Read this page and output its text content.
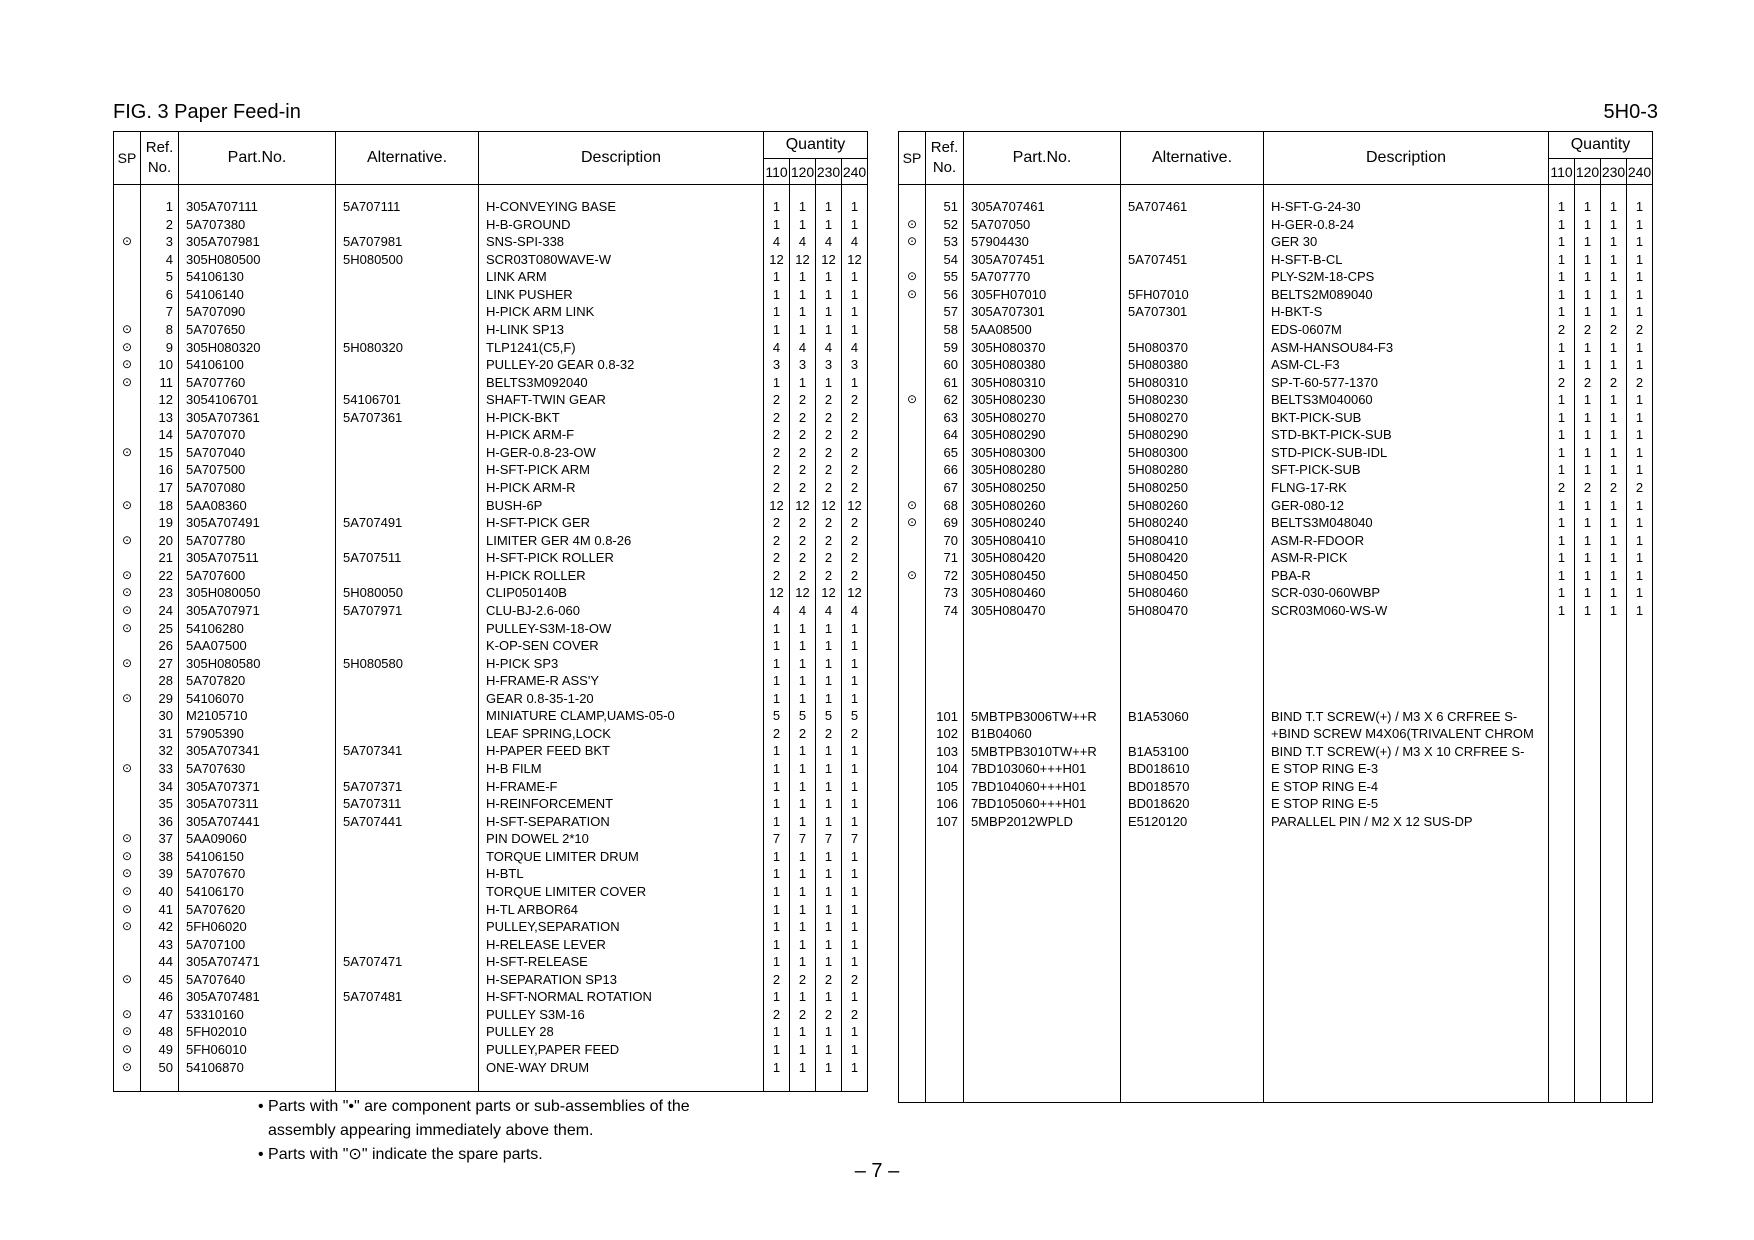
FIG. 3 Paper Feed-in	5H0-3
SP	Ref. No.	Part.No.	Alternative.	Description	Quantity			
					110	120	230	240

	1	305A707111	5A707111	H-CONVEYING BASE	1	1	1	1
	2	5A707380		H-B-GROUND	1	1	1	1
⊙	3	305A707981	5A707981	SNS-SPI-338	4	4	4	4
	4	305H080500	5H080500	SCR03T080WAVE-W	12	12	12	12
	5	54106130		LINK ARM	1	1	1	1
	6	54106140		LINK PUSHER	1	1	1	1
	7	5A707090		H-PICK ARM LINK	1	1	1	1
⊙	8	5A707650		H-LINK SP13	1	1	1	1
⊙	9	305H080320	5H080320	TLP1241(C5,F)	4	4	4	4
⊙	10	54106100		PULLEY-20 GEAR 0.8-32	3	3	3	3
⊙	11	5A707760		BELTS3M092040	1	1	1	1
	12	3054106701	54106701	SHAFT-TWIN GEAR	2	2	2	2
	13	305A707361	5A707361	H-PICK-BKT	2	2	2	2
	14	5A707070		H-PICK ARM-F	2	2	2	2
⊙	15	5A707040		H-GER-0.8-23-OW	2	2	2	2
	16	5A707500		H-SFT-PICK ARM	2	2	2	2
	17	5A707080		H-PICK ARM-R	2	2	2	2
⊙	18	5AA08360		BUSH-6P	12	12	12	12
	19	305A707491	5A707491	H-SFT-PICK GER	2	2	2	2
⊙	20	5A707780		LIMITER GER 4M 0.8-26	2	2	2	2
	21	305A707511	5A707511	H-SFT-PICK ROLLER	2	2	2	2
⊙	22	5A707600		H-PICK ROLLER	2	2	2	2
⊙	23	305H080050	5H080050	CLIP050140B	12	12	12	12
⊙	24	305A707971	5A707971	CLU-BJ-2.6-060	4	4	4	4
⊙	25	54106280		PULLEY-S3M-18-OW	1	1	1	1
	26	5AA07500		K-OP-SEN COVER	1	1	1	1
⊙	27	305H080580	5H080580	H-PICK SP3	1	1	1	1
	28	5A707820		H-FRAME-R ASS'Y	1	1	1	1
⊙	29	54106070		GEAR 0.8-35-1-20	1	1	1	1
	30	M2105710		MINIATURE CLAMP,UAMS-05-0	5	5	5	5
	31	57905390		LEAF SPRING,LOCK	2	2	2	2
	32	305A707341	5A707341	H-PAPER FEED BKT	1	1	1	1
⊙	33	5A707630		H-B FILM	1	1	1	1
	34	305A707371	5A707371	H-FRAME-F	1	1	1	1
	35	305A707311	5A707311	H-REINFORCEMENT	1	1	1	1
	36	305A707441	5A707441	H-SFT-SEPARATION	1	1	1	1
⊙	37	5AA09060		PIN DOWEL 2*10	7	7	7	7
⊙	38	54106150		TORQUE LIMITER DRUM	1	1	1	1
⊙	39	5A707670		H-BTL	1	1	1	1
⊙	40	54106170		TORQUE LIMITER COVER	1	1	1	1
⊙	41	5A707620		H-TL ARBOR64	1	1	1	1
⊙	42	5FH06020		PULLEY,SEPARATION	1	1	1	1
	43	5A707100		H-RELEASE LEVER	1	1	1	1
	44	305A707471	5A707471	H-SFT-RELEASE	1	1	1	1
⊙	45	5A707640		H-SEPARATION SP13	2	2	2	2
	46	305A707481	5A707481	H-SFT-NORMAL ROTATION	1	1	1	1
⊙	47	53310160		PULLEY S3M-16	2	2	2	2
⊙	48	5FH02010		PULLEY 28	1	1	1	1
⊙	49	5FH06010		PULLEY,PAPER FEED	1	1	1	1
⊙	50	54106870		ONE-WAY DRUM	1	1	1	1

SP	Ref. No.	Part.No.	Alternative.	Description	Quantity			
					110	120	230	240

	51	305A707461	5A707461	H-SFT-G-24-30	1	1	1	1
⊙	52	5A707050		H-GER-0.8-24	1	1	1	1
⊙	53	57904430		GER 30	1	1	1	1
	54	305A707451	5A707451	H-SFT-B-CL	1	1	1	1
⊙	55	5A707770		PLY-S2M-18-CPS	1	1	1	1
⊙	56	305FH07010	5FH07010	BELTS2M089040	1	1	1	1
	57	305A707301	5A707301	H-BKT-S	1	1	1	1
	58	5AA08500		EDS-0607M	2	2	2	2
	59	305H080370	5H080370	ASM-HANSOU84-F3	1	1	1	1
	60	305H080380	5H080380	ASM-CL-F3	1	1	1	1
	61	305H080310	5H080310	SP-T-60-577-1370	2	2	2	2
⊙	62	305H080230	5H080230	BELTS3M040060	1	1	1	1
	63	305H080270	5H080270	BKT-PICK-SUB	1	1	1	1
	64	305H080290	5H080290	STD-BKT-PICK-SUB	1	1	1	1
	65	305H080300	5H080300	STD-PICK-SUB-IDL	1	1	1	1
	66	305H080280	5H080280	SFT-PICK-SUB	1	1	1	1
	67	305H080250	5H080250	FLNG-17-RK	2	2	2	2
⊙	68	305H080260	5H080260	GER-080-12	1	1	1	1
⊙	69	305H080240	5H080240	BELTS3M048040	1	1	1	1
	70	305H080410	5H080410	ASM-R-FDOOR	1	1	1	1
	71	305H080420	5H080420	ASM-R-PICK	1	1	1	1
⊙	72	305H080450	5H080450	PBA-R	1	1	1	1
	73	305H080460	5H080460	SCR-030-060WBP	1	1	1	1
	74	305H080470	5H080470	SCR03M060-WS-W	1	1	1	1

	101	5MBTPB3006TW++R	B1A53060	BIND T.T SCREW(+) / M3 X 6 CRFREE S-				
	102	B1B04060		+BIND SCREW M4X06(TRIVALENT CHROM				
	103	5MBTPB3010TW++R	B1A53100	BIND T.T SCREW(+) / M3 X 10 CRFREE S-				
	104	7BD103060+++H01	BD018610	E STOP RING E-3				
	105	7BD104060+++H01	BD018570	E STOP RING E-4				
	106	7BD105060+++H01	BD018620	E STOP RING E-5				
	107	5MBP2012WPLD	E5120120	PARALLEL PIN / M2 X 12 SUS-DP				

• Parts with "•" are component parts or sub-assemblies of the
assembly appearing immediately above them.
• Parts with "⊙" indicate the spare parts.
– 7 –
